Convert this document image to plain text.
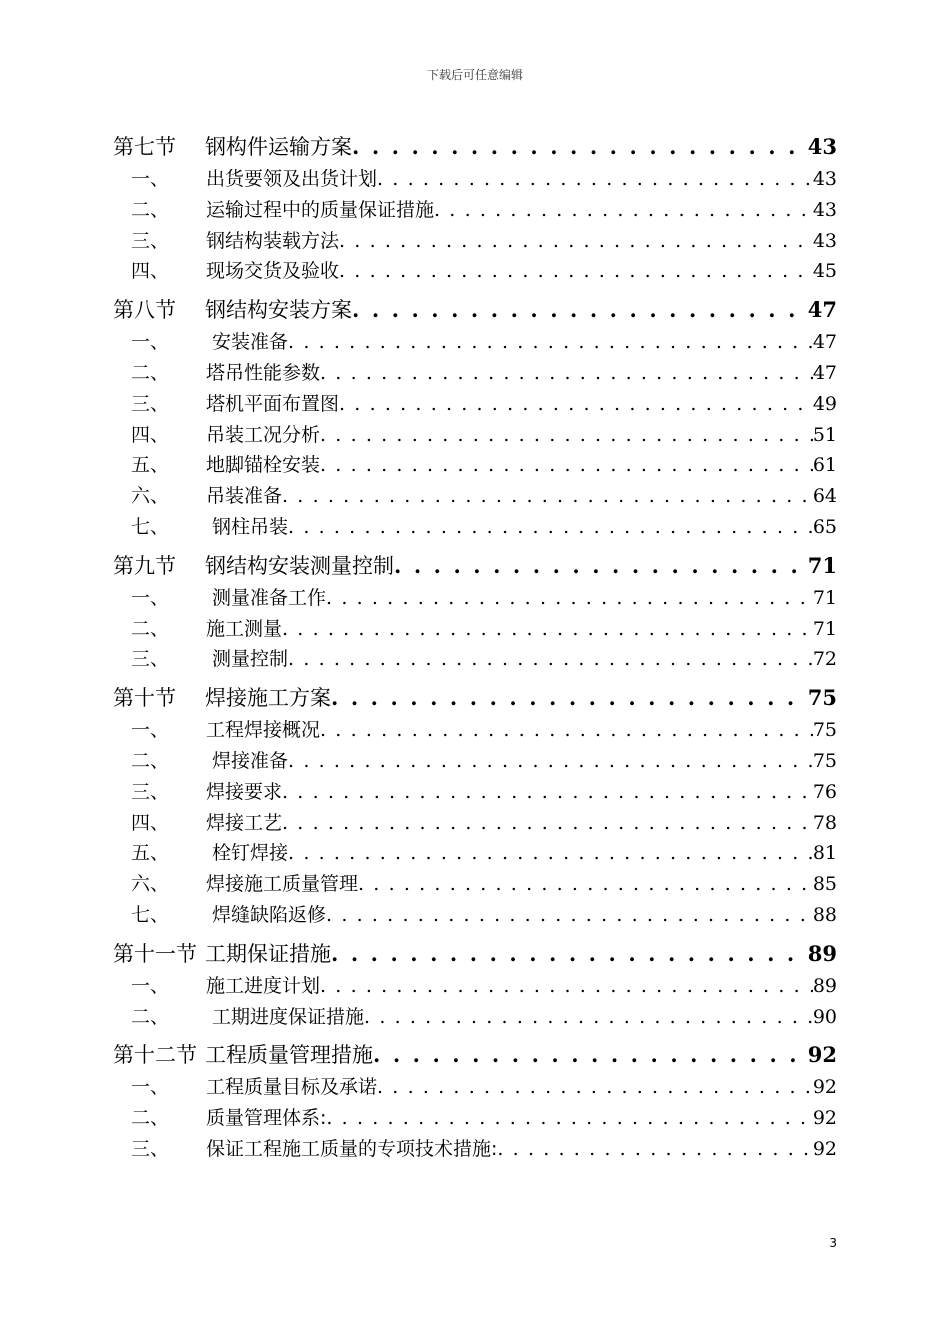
下载后可任意编辑
第七节	钢构件运输方案 . . .	43
一、	出货要领及出货计划 . . .	43
二、	运输过程中的质量保证措施 . . .	43
三、	钢结构装载方法 . . .	43
四、	现场交货及验收 . . .	45
第八节	钢结构安装方案 . . .	47
一、	安装准备 . . .	47
二、	塔吊性能参数 . . .	47
三、	塔机平面布置图 . . .	49
四、	吊装工况分析 . . .	51
五、	地脚锚栓安装 . . .	61
六、	吊装准备 . . .	64
七、	钢柱吊装 . . .	65
第九节	钢结构安装测量控制 . . .	71
一、	测量准备工作 . . .	71
二、	施工测量 . . .	71
三、	测量控制 . . .	72
第十节	焊接施工方案 . . .	75
一、	工程焊接概况 . . .	75
二、	焊接准备 . . .	75
三、	焊接要求 . . .	76
四、	焊接工艺 . . .	78
五、	栓钉焊接 . . .	81
六、	焊接施工质量管理 . . .	85
七、	焊缝缺陷返修 . . .	88
第十一节 工期保证措施 . . .	89
一、	施工进度计划 . . .	89
二、	工期进度保证措施 . . .	90
第十二节 工程质量管理措施 . . .	92
一、	工程质量目标及承诺 . . .	92
二、	质量管理体系: . . .	92
三、	保证工程施工质量的专项技术措施: . . .	92
3
